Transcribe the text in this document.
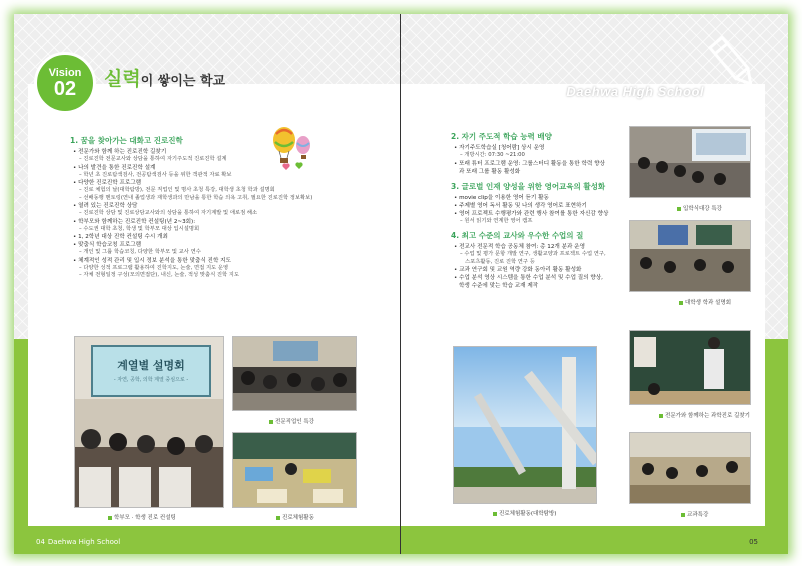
Vision
02	실력이 쌓이는 학교
1. 꿈을 찾아가는 대화고 진로진학
• 전문가와 함께 하는 진로진학 길찾기
– 진로진학 전문교사와 상담을 통하여 자기주도적 진로진학 설계
• 나의 발견을 통한 진로진학 설계
– 학년 초 진로탐색검사, 전공탐색검사 등을 위한 객관적 자료 확보
• 다양한 진로진학 프로그램
– 진로 체험의 날(대학탐방), 전문 직업인 및 명사 초청 특강, 대학생 초청 학과 설명회
– 선배동행 멘토링(연내 졸업생과 재학생과의 만남을 통한 학습 의욕 고취, 필요한 진로진학 정보확보)
• 열려 있는 진로진학 상담
– 진로진학 상담 및 진로상담교사와의 상담을 통하여 자기계발 및 애로점 해소
• 학부모와 함께하는 진로진학 컨설팅(년 2~3회):
– 수도권 대학 초청, 학생 및 학부모 대상 입시설명회
• 1, 2학년 대상 진학 컨설팅 수시 개최
• 맞춤식 학습코칭 프로그램
– 개인 및 그룹 학습코칭, 다양한 학부모 및 교사 연수
• 체계적인 성적 관리 및 입시 정보 분석을 통한 맞춤식 진학 지도
– 다양한 성적 프로그램 활용하여 진학지도, 논술, 면접 지도 운영
– 자체 전형일정 구성(모의면접단), 내신, 논술, 적성 맞춤식 진학 지도
계열별 설명회
- 자연, 공학, 의학 계열 중심으로 -
학부모 · 학생 진로 컨설팅
전문직업인 특강
진로체험활동
04 Daehwa High School
Daehwa High School
2. 자기 주도적 학습 능력 배양
• 자기주도학습실 [청어람] 상시 운영
– 개방시간: 07:30 ~21:00
• 또래 튜터 프로그램 운영: 그룹스터디 활동을 통한 학력 향상과 또래 그룹 활동 활성화
3. 글로벌 인재 양성을 위한 영어교육의 활성화
• movie clip을 이용한 영어 듣기 활동
• 주제별 영어 독서 활동 및 나의 생각 영어로 표현하기
• 영어 프로젝트 수행평가와 관련 행사 참여를 통한 자신감 향상
– 원서 읽기와 연계한 영어 캠프
4. 최고 수준의 교사와 우수한 수업의 질
• 전교사 전문적 학습 공동체 참여: 총 12개 분과 운영
– 수업 및 평가 문항 개발 연구, 생활교양과 프로젝트 수업 연구, 스포츠활동, 진로 진학 연구 등
• 교과 연구회 및 교원 역량 강화 동아리 활동 활성화
• 수업 분석 영상 시스템을 통한 수업 분석 및 수업 질의 향상, 학생 수준에 맞는 학습 교재 제작
입학식대강 특강
대학생 학과 설명회
진로체험활동(대학탐방)
전문가와 함께하는 과학진로 길찾기
교과특강
05
